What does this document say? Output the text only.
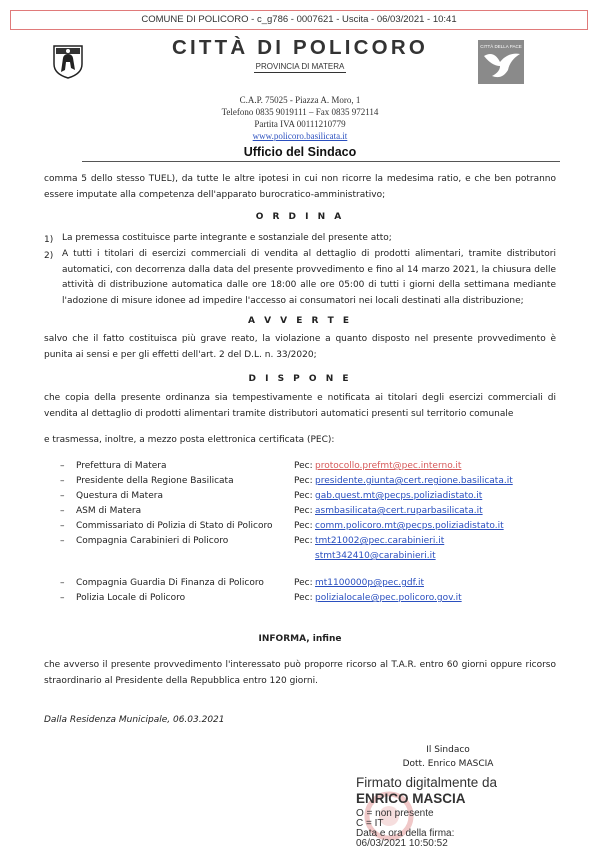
COMUNE DI POLICORO - c_g786 - 0007621 - Uscita - 06/03/2021 - 10:41
CITTÀ DI POLICORO
PROVINCIA DI MATERA
CITTÀ DELLA PACE
C.A.P. 75025 - Piazza A. Moro, 1
Telefono 0835 9019111 – Fax 0835 972114
Partita IVA 00111210779
www.policoro.basilicata.it
Ufficio del Sindaco
comma 5 dello stesso TUEL), da tutte le altre ipotesi in cui non ricorre la medesima ratio, e che ben potranno essere imputate alla competenza dell'apparato burocratico-amministrativo;
O R D I N A
1) La premessa costituisce parte integrante e sostanziale del presente atto;
2) A tutti i titolari di esercizi commerciali di vendita al dettaglio di prodotti alimentari, tramite distributori automatici, con decorrenza dalla data del presente provvedimento e fino al 14 marzo 2021, la chiusura delle attività di distribuzione automatica dalle ore 18:00 alle ore 05:00 di tutti i giorni della settimana mediante l'adozione di misure idonee ad impedire l'accesso ai consumatori nei locali destinati alla distribuzione;
A V V E R T E
salvo che il fatto costituisca più grave reato, la violazione a quanto disposto nel presente provvedimento è punita ai sensi e per gli effetti dell'art. 2 del D.L. n. 33/2020;
D I S P O N E
che copia della presente ordinanza sia tempestivamente e notificata ai titolari degli esercizi commerciali di vendita al dettaglio di prodotti alimentari tramite distributori automatici presenti sul territorio comunale
e trasmessa, inoltre, a mezzo posta elettronica certificata (PEC):
– Prefettura di Matera	Pec: protocollo.prefmt@pec.interno.it
– Presidente della Regione Basilicata	Pec: presidente.giunta@cert.regione.basilicata.it
– Questura di Matera	Pec: gab.quest.mt@pecps.poliziadistato.it
– ASM di Matera	Pec: asmbasilicata@cert.ruparbasilicata.it
– Commissariato di Polizia di Stato di Policoro Pec: comm.policoro.mt@pecps.poliziadistato.it
– Compagnia Carabinieri di Policoro	Pec: tmt21002@pec.carabinieri.it
stmt342410@carabinieri.it
– Compagnia Guardia Di Finanza di Policoro	Pec: mt1100000p@pec.gdf.it
– Polizia Locale di Policoro	Pec: polizialocale@pec.policoro.gov.it
INFORMA, infine
che avverso il presente provvedimento l'interessato può proporre ricorso al T.A.R. entro 60 giorni oppure ricorso straordinario al Presidente della Repubblica entro 120 giorni.
Dalla Residenza Municipale, 06.03.2021
Il Sindaco
Dott. Enrico MASCIA
Firmato digitalmente da
ENRICO MASCIA
O = non presente
C = IT
Data e ora della firma:
06/03/2021 10:50:52
